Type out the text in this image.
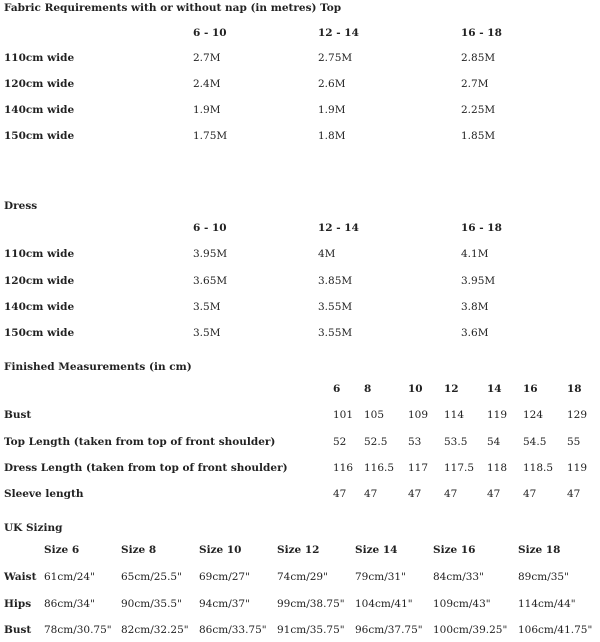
Fabric Requirements with or without nap (in metres) Top
6 - 10	12 - 14	16 - 18
110cm wide	2.7M	2.75M	2.85M
120cm wide	2.4M	2.6M	2.7M
140cm wide	1.9M	1.9M	2.25M
150cm wide	1.75M	1.8M	1.85M
Dress
6 - 10	12 - 14	16 - 18
110cm wide	3.95M	4M	4.1M
120cm wide	3.65M	3.85M	3.95M
140cm wide	3.5M	3.55M	3.8M
150cm wide	3.5M	3.55M	3.6M
Finished Measurements (in cm)
6 8	10 12	14 16	18
Bust	101 105 109 114 119 124 129
Top Length (taken from top of front shoulder)	52 52.5 53 53.5 54 54.5 55
Dress Length (taken from top of front shoulder)	116 116.5 117 117.5 118 118.5 119
Sleeve length	47 47	47 47	47 47	47
UK Sizing
Size 6	Size 8	Size 10	Size 12	Size 14	Size 16	Size 18
Waist 61cm/24" 65cm/25.5" 69cm/27"	74cm/29"	79cm/31"	84cm/33"	89cm/35"
Hips 86cm/34" 90cm/35.5" 94cm/37"	99cm/38.75" 104cm/41" 109cm/43"	114cm/44"
Bust 78cm/30.75" 82cm/32.25" 86cm/33.75" 91cm/35.75" 96cm/37.75" 100cm/39.25" 106cm/41.75"
